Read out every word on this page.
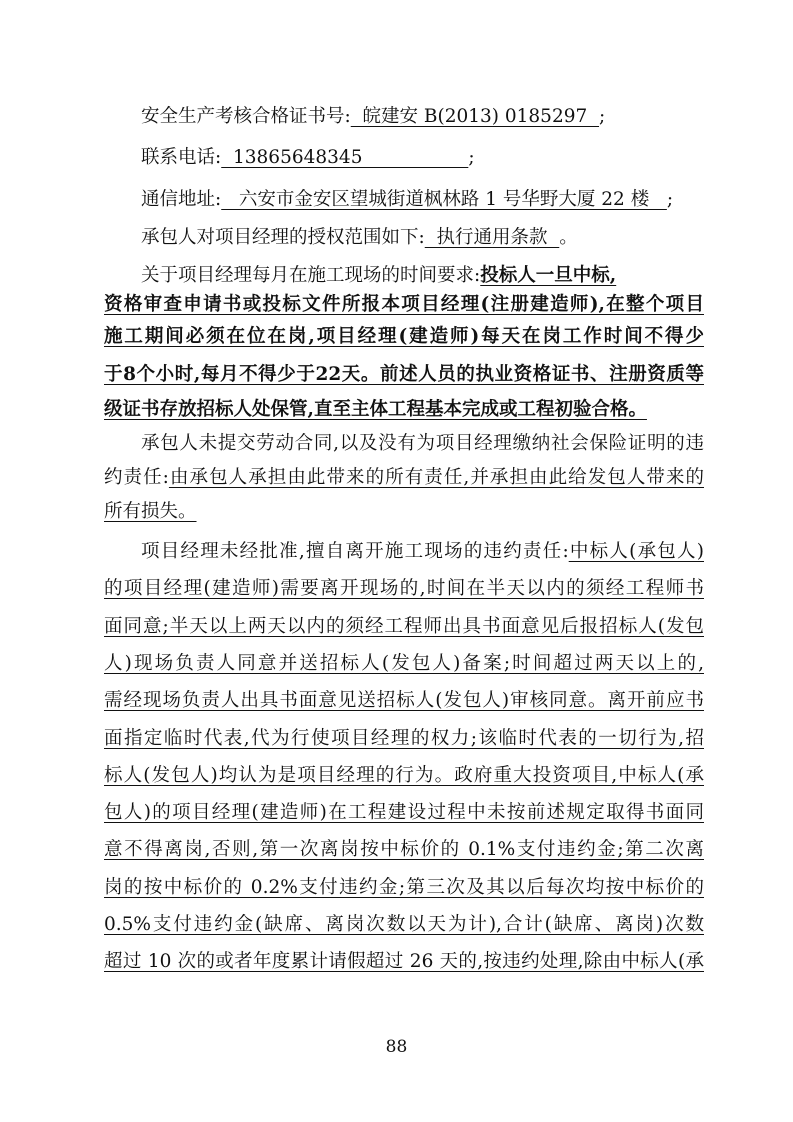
安全生产考核合格证书号:  皖建安 B(2013) 0185297  ;
联系电话:  13865648345                  ;
通信地址:   六安市金安区望城街道枫林路 1 号华野大厦 22 楼   ;
承包人对项目经理的授权范围如下:  执行通用条款  。
关于项目经理每月在施工现场的时间要求:投标人一旦中标,
资格审查申请书或投标文件所报本项目经理(注册建造师),在整个项目
施工期间必须在位在岗,项目经理(建造师)每天在岗工作时间不得少
于8个小时,每月不得少于22天。前述人员的执业资格证书、注册资质等
级证书存放招标人处保管,直至主体工程基本完成或工程初验合格。
承包人未提交劳动合同,以及没有为项目经理缴纳社会保险证明的违
约责任:由承包人承担由此带来的所有责任,并承担由此给发包人带来的
所有损失。
项目经理未经批准,擅自离开施工现场的违约责任:中标人(承包人)
的项目经理(建造师)需要离开现场的,时间在半天以内的须经工程师书
面同意;半天以上两天以内的须经工程师出具书面意见后报招标人(发包
人)现场负责人同意并送招标人(发包人)备案;时间超过两天以上的,
需经现场负责人出具书面意见送招标人(发包人)审核同意。离开前应书
面指定临时代表,代为行使项目经理的权力;该临时代表的一切行为,招
标人(发包人)均认为是项目经理的行为。政府重大投资项目,中标人(承
包人)的项目经理(建造师)在工程建设过程中未按前述规定取得书面同
意不得离岗,否则,第一次离岗按中标价的 0.1%支付违约金;第二次离
岗的按中标价的 0.2%支付违约金;第三次及其以后每次均按中标价的
0.5%支付违约金(缺席、离岗次数以天为计),合计(缺席、离岗)次数
超过 10 次的或者年度累计请假超过 26 天的,按违约处理,除由中标人(承
88
